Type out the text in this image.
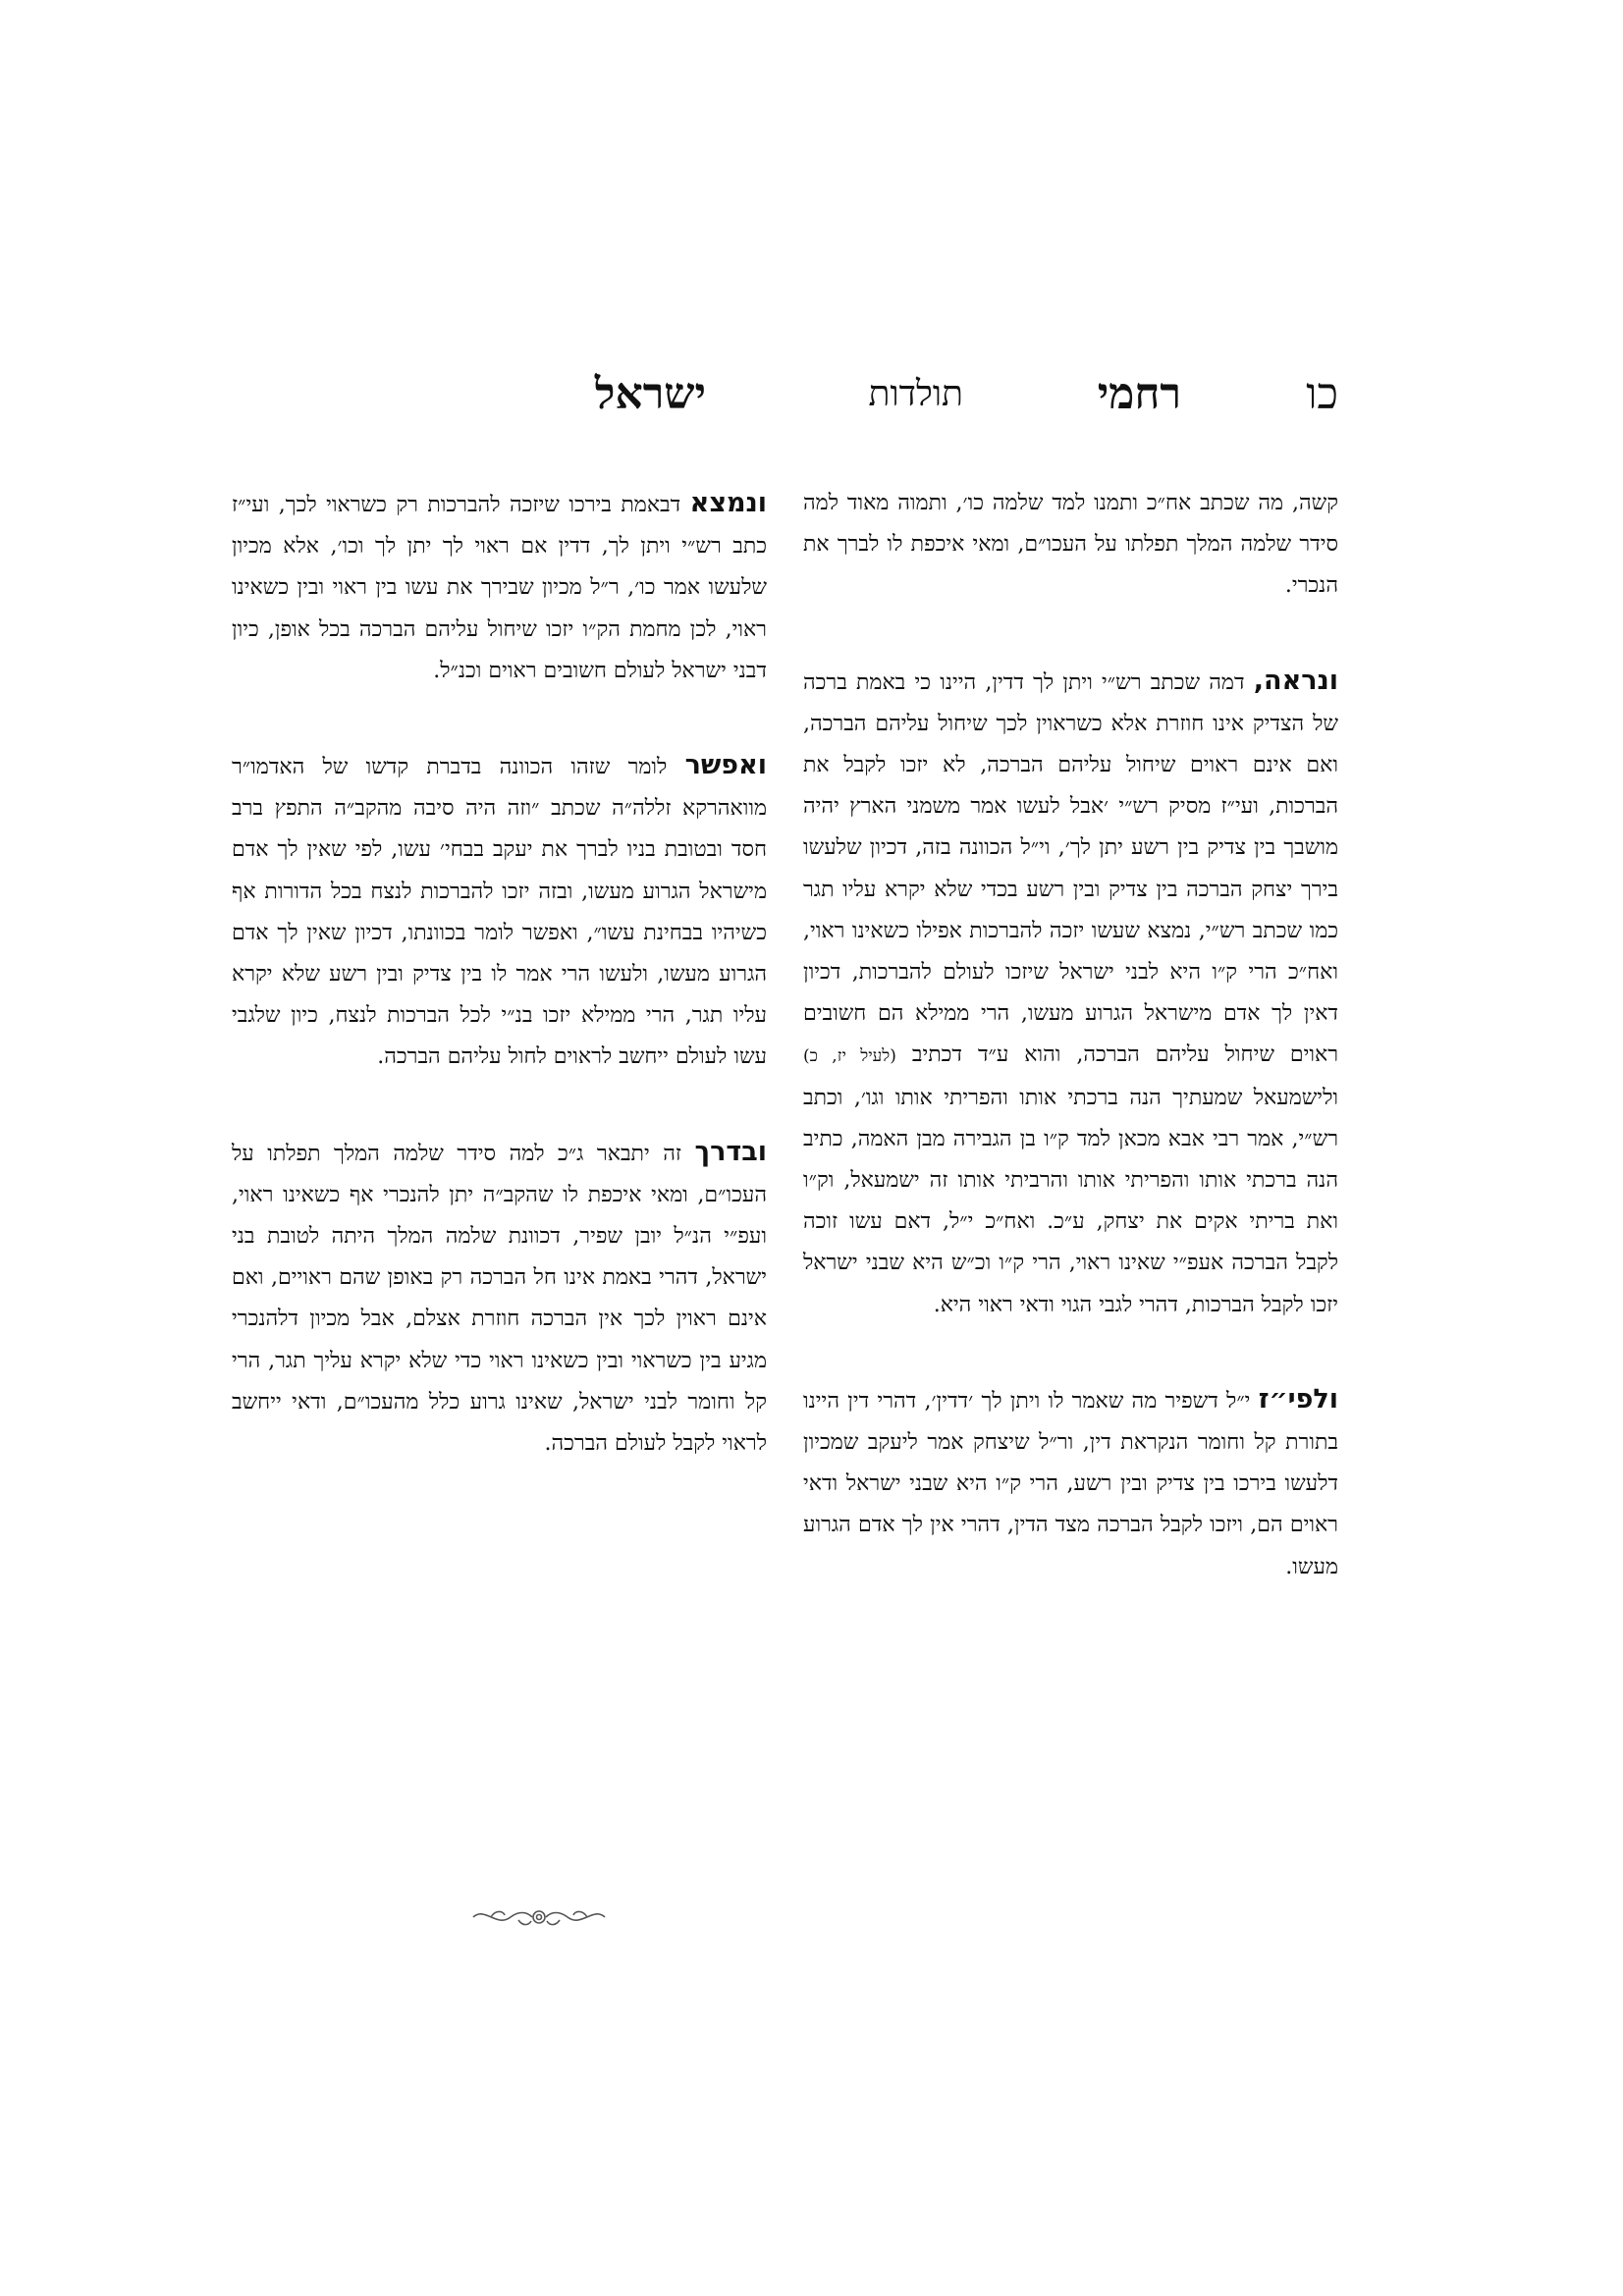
כו
רחמי
תולדות
ישראל

קשה, מה שכתב אח״כ ותמנו למד שלמה כו׳, ותמוה מאוד למה סידר שלמה המלך תפלתו על העכו״ם, ומאי איכפת לו לברך את הנכרי.

ונראה, דמה שכתב רש״י ויתן לך דדין, היינו כי באמת ברכה של הצדיק אינו חוזרת אלא כשראוין לכך שיחול עליהם הברכה, ואם אינם ראוים שיחול עליהם הברכה, לא יזכו לקבל את הברכות, ועי״ז מסיק רש״י ׳אבל לעשו אמר משמני הארץ יהיה מושבך בין צדיק בין רשע יתן לך׳, וי״ל הכוונה בזה, דכיון שלעשו בירך יצחק הברכה בין צדיק ובין רשע בכדי שלא יקרא עליו תגר כמו שכתב רש״י, נמצא שעשו יזכה להברכות אפילו כשאינו ראוי, ואח״כ הרי ק״ו היא לבני ישראל שיזכו לעולם להברכות, דכיון דאין לך אדם מישראל הגרוע מעשו, הרי ממילא הם חשובים ראוים שיחול עליהם הברכה, והוא ע״ד דכתיב (לעיל יז, כ) ולישמעאל שמעתיך הנה ברכתי אותו והפריתי אותו וגו׳, וכתב רש״י, אמר רבי אבא מכאן למד ק״ו בן הגבירה מבן האמה, כתיב הנה ברכתי אותו והפריתי אותו והרביתי אותו זה ישמעאל, וק״ו ואת בריתי אקים את יצחק, ע״כ. ואח״כ י״ל, דאם עשו זוכה לקבל הברכה אעפ״י שאינו ראוי, הרי ק״ו וכ״ש היא שבני ישראל יזכו לקבל הברכות, דהרי לגבי הגוי ודאי ראוי היא.

ולפי״ז י״ל דשפיר מה שאמר לו ויתן לך ׳דדין׳, דהרי דין היינו בתורת קל וחומר הנקראת דין, ור״ל שיצחק אמר ליעקב שמכיון דלעשו בירכו בין צדיק ובין רשע, הרי ק״ו היא שבני ישראל ודאי ראוים הם, ויזכו לקבל הברכה מצד הדין, דהרי אין לך אדם הגרוע מעשו.

ונמצא דבאמת בירכו שיזכה להברכות רק כשראוי לכך, ועי״ז כתב רש״י ויתן לך, דדין אם ראוי לך יתן לך וכו׳, אלא מכיון שלעשו אמר כו׳, ר״ל מכיון שבירך את עשו בין ראוי ובין כשאינו ראוי, לכן מחמת הק״ו יזכו שיחול עליהם הברכה בכל אופן, כיון דבני ישראל לעולם חשובים ראוים וכנ״ל.

ואפשר לומר שזהו הכוונה בדברת קדשו של האדמו״ר מוואהרקא זללה״ה שכתב ״וזה היה סיבה מהקב״ה התפץ ברב חסד ובטובת בניו לברך את יעקב בבחי׳ עשו, לפי שאין לך אדם מישראל הגרוע מעשו, ובזה יזכו להברכות לנצח בכל הדורות אף כשיהיו בבחינת עשו״, ואפשר לומר בכוונתו, דכיון שאין לך אדם הגרוע מעשו, ולעשו הרי אמר לו בין צדיק ובין רשע שלא יקרא עליו תגר, הרי ממילא יזכו בנ״י לכל הברכות לנצח, כיון שלגבי עשו לעולם ייחשב לראוים לחול עליהם הברכה.

ובדרך זה יתבאר ג״כ למה סידר שלמה המלך תפלתו על העכו״ם, ומאי איכפת לו שהקב״ה יתן להנכרי אף כשאינו ראוי, ועפ״י הנ״ל יובן שפיר, דכוונת שלמה המלך היתה לטובת בני ישראל, דהרי באמת אינו חל הברכה רק באופן שהם ראויים, ואם אינם ראוין לכך אין הברכה חוזרת אצלם, אבל מכיון דלהנכרי מגיע בין כשראוי ובין כשאינו ראוי כדי שלא יקרא עליך תגר, הרי קל וחומר לבני ישראל, שאינו גרוע כלל מהעכו״ם, ודאי ייחשב לראוי לקבל לעולם הברכה.
